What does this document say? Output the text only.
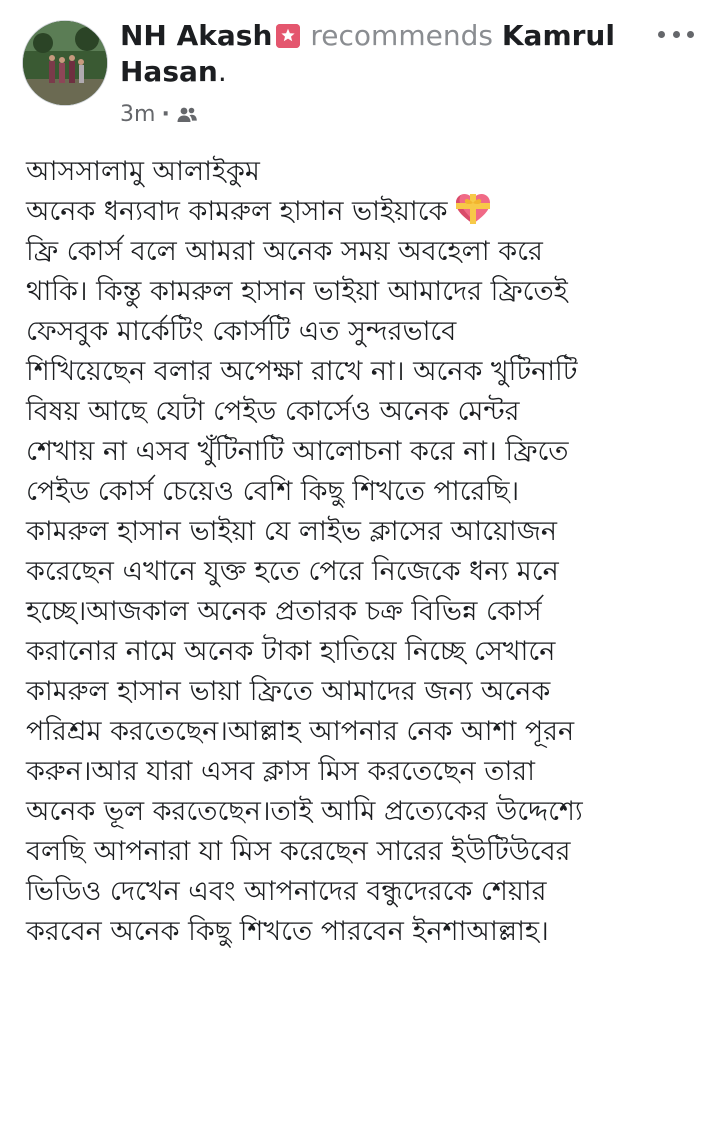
NH Akash recommends Kamrul Hasan.
3m ·
আসসালামু আলাইকুম
অনেক ধন্যবাদ কামরুল হাসান ভাইয়াকে
ফ্রি কোর্স বলে আমরা অনেক সময় অবহেলা করে
থাকি। কিন্তু কামরুল হাসান ভাইয়া আমাদের ফ্রিতেই
ফেসবুক মার্কেটিং কোর্সটি এত সুন্দরভাবে
শিখিয়েছেন বলার অপেক্ষা রাখে না। অনেক খুটিনাটি
বিষয় আছে যেটা পেইড কোর্সেও অনেক মেন্টর
শেখায় না এসব খুঁটিনাটি আলোচনা করে না। ফ্রিতে
পেইড কোর্স চেয়েও বেশি কিছু শিখতে পারেছি।
কামরুল হাসান ভাইয়া যে লাইভ ক্লাসের আয়োজন
করেছেন এখানে যুক্ত হতে পেরে নিজেকে ধন্য মনে
হচ্ছে।আজকাল অনেক প্রতারক চক্র বিভিন্ন কোর্স
করানোর নামে অনেক টাকা হাতিয়ে নিচ্ছে সেখানে
কামরুল হাসান ভায়া ফ্রিতে আমাদের জন্য অনেক
পরিশ্রম করতেছেন।আল্লাহ আপনার নেক আশা পূরন
করুন।আর যারা এসব ক্লাস মিস করতেছেন তারা
অনেক ভূল করতেছেন।তাই আমি প্রত্যেকের উদ্দেশ্যে
বলছি আপনারা যা মিস করেছেন সারের ইউটিউবের
ভিডিও দেখেন এবং আপনাদের বন্ধুদেরকে শেয়ার
করবেন অনেক কিছু শিখতে পারবেন ইনশাআল্লাহ।
